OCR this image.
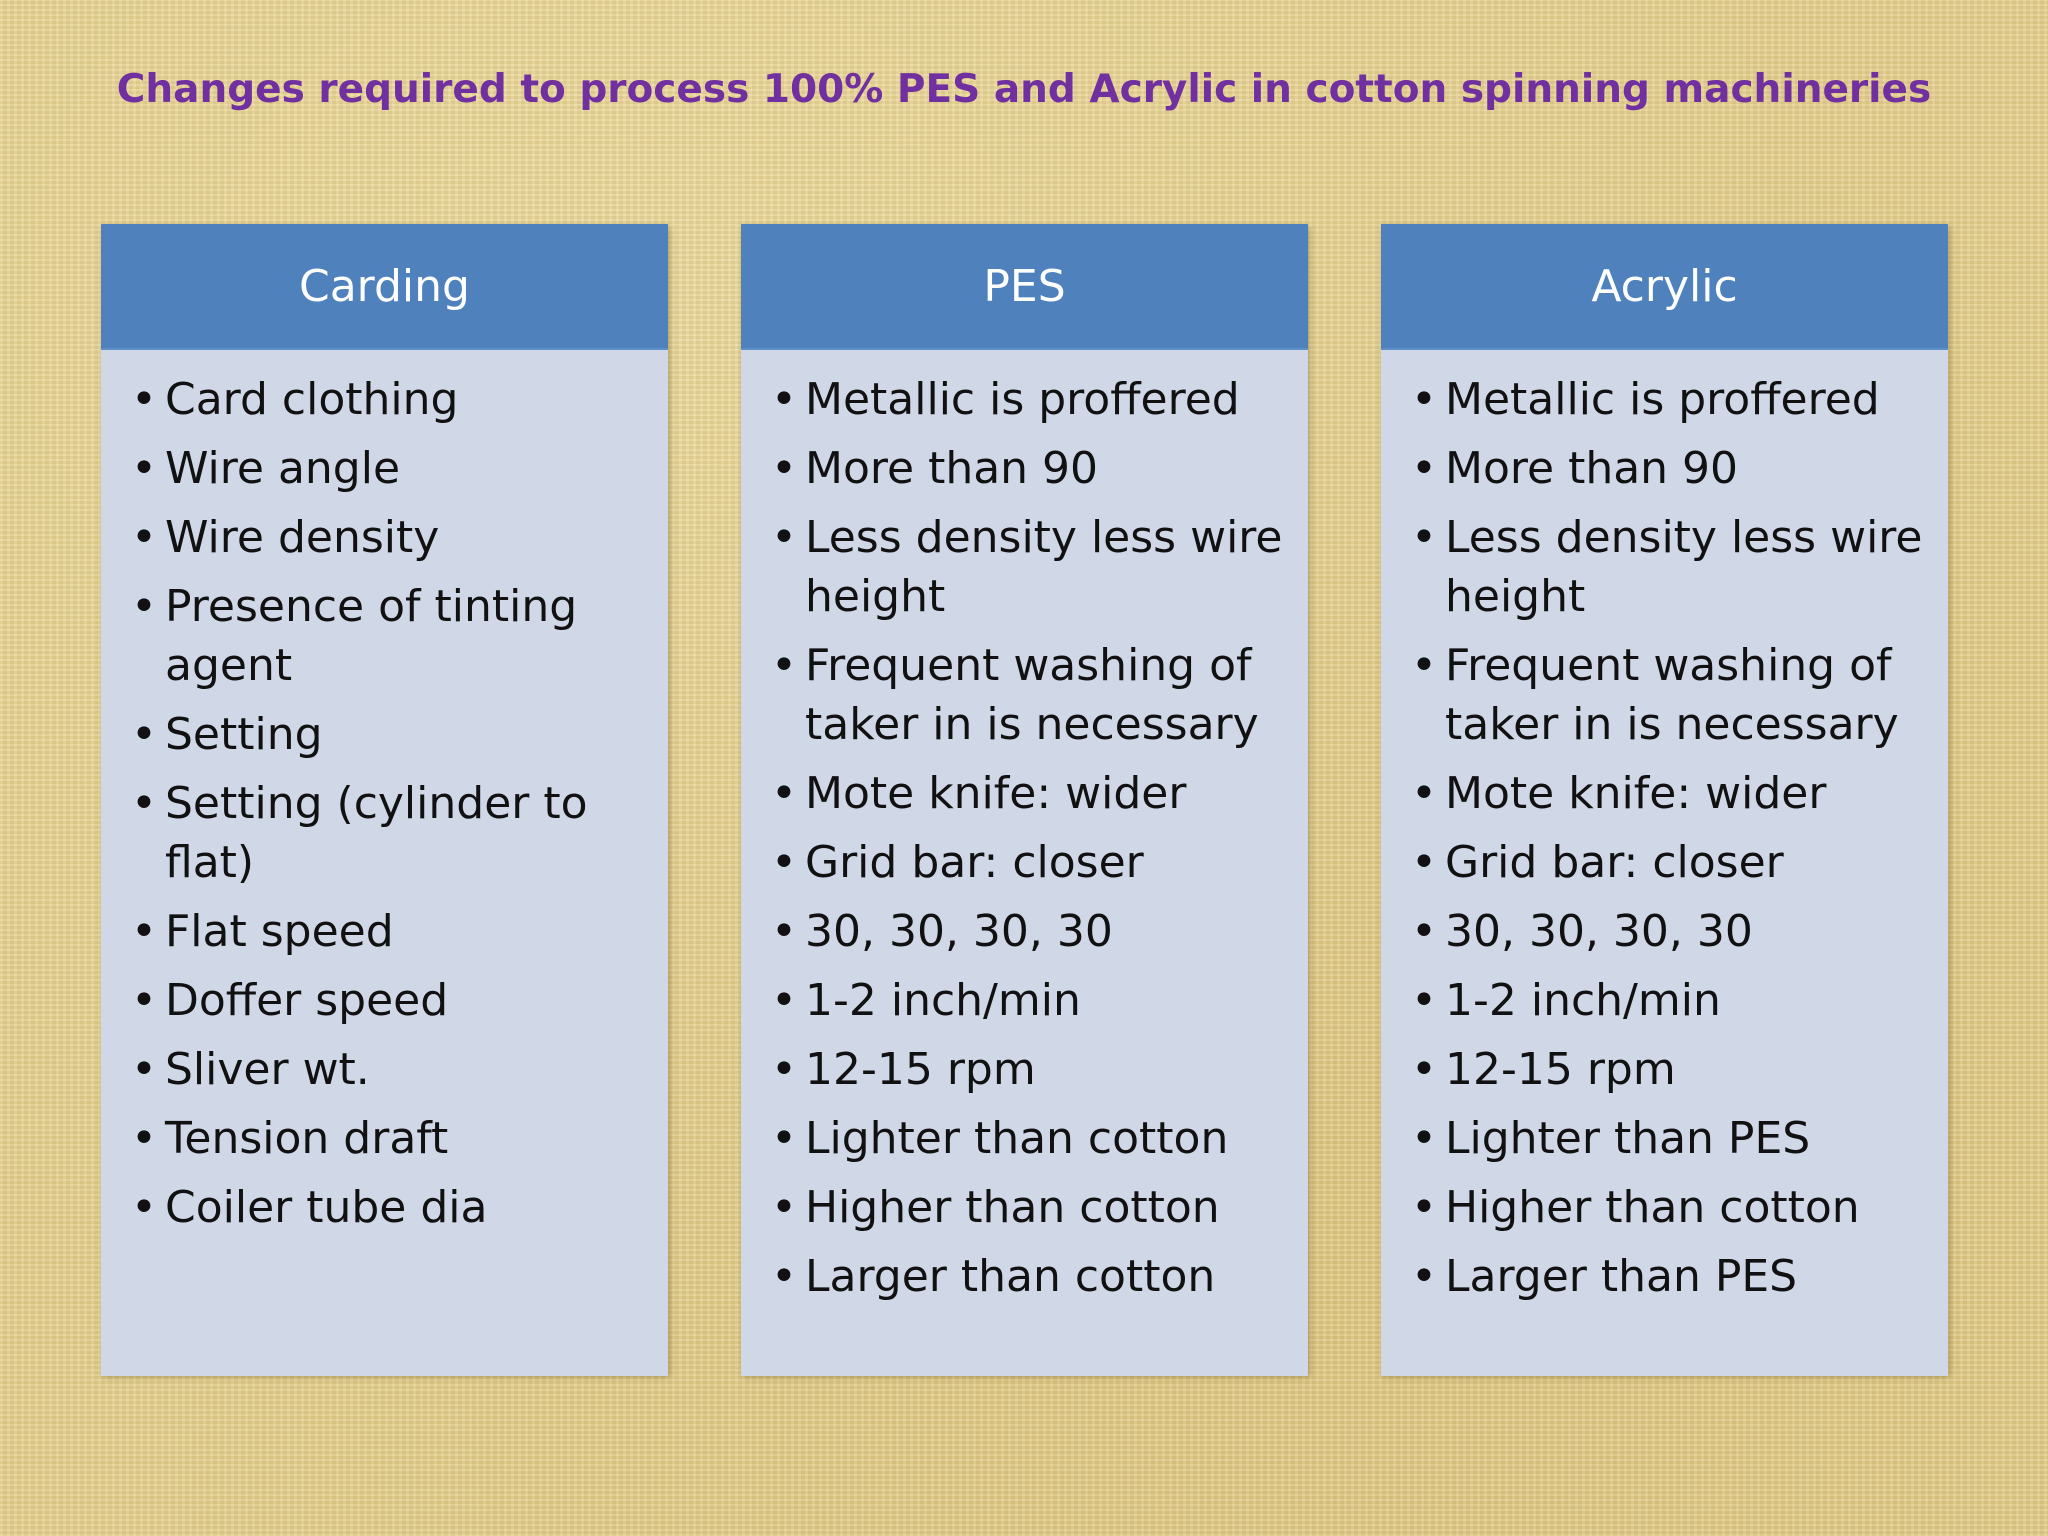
Changes required to process 100% PES and Acrylic in cotton spinning machineries
Carding
• Card clothing
• Wire angle
• Wire density
• Presence of tinting agent
• Setting
• Setting (cylinder to flat)
• Flat speed
• Doffer speed
• Sliver wt.
• Tension draft
• Coiler tube dia
PES
• Metallic is proffered
• More than 90
• Less density less wire height
• Frequent washing of taker in is necessary
• Mote knife: wider
• Grid bar: closer
• 30, 30, 30, 30
• 1-2 inch/min
• 12-15 rpm
• Lighter than cotton
• Higher than cotton
• Larger than cotton
Acrylic
• Metallic is proffered
• More than 90
• Less density less wire height
• Frequent washing of taker in is necessary
• Mote knife: wider
• Grid bar: closer
• 30, 30, 30, 30
• 1-2 inch/min
• 12-15 rpm
• Lighter than PES
• Higher than cotton
• Larger than PES
